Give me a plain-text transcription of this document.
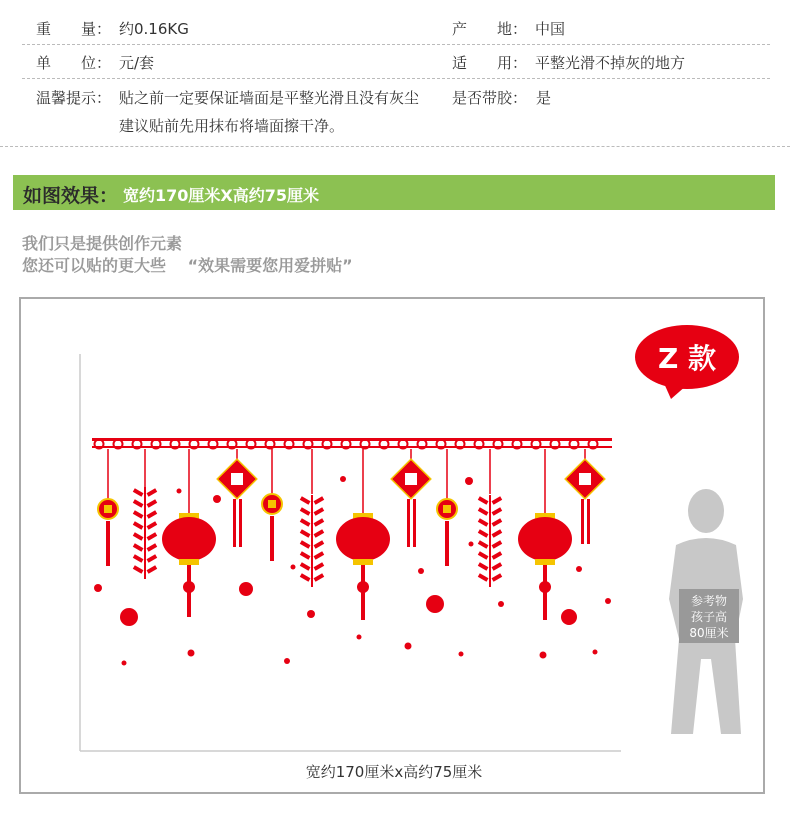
重　　量： 约0.16KG	产　　地： 中国
单　　位： 元/套	适　　用： 平整光滑不掉灰的地方
温馨提示： 贴之前一定要保证墙面是平整光滑且没有灰尘
建议贴前先用抹布将墙面擦干净。
是否带胶： 是
如图效果： 宽约170厘米X高约75厘米
我们只是提供创作元素
您还可以贴的更大些　 “效果需要您用爱拼贴”
参考物
孩子高
80厘米
Z 款
宽约170厘米x高约75厘米
